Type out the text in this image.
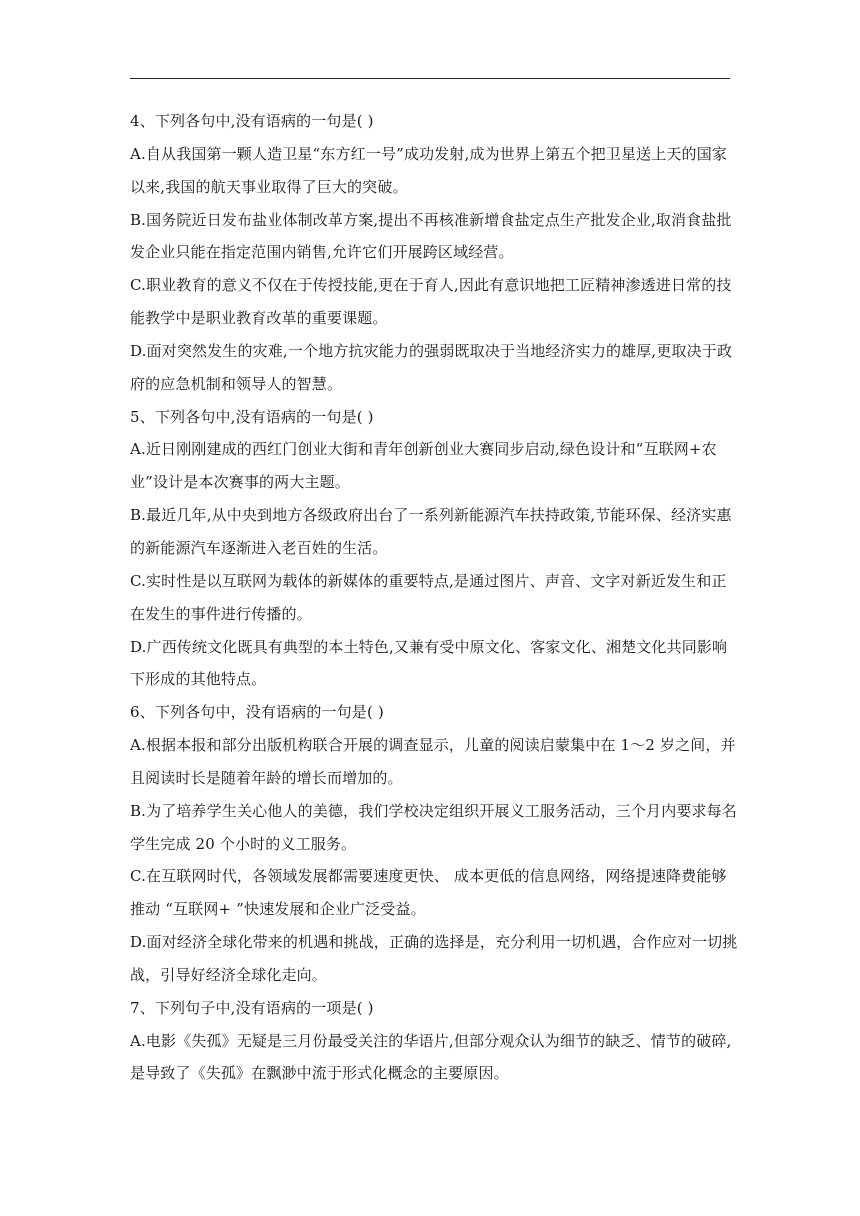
4、下列各句中,没有语病的一句是( )
A.自从我国第一颗人造卫星“东方红一号”成功发射,成为世界上第五个把卫星送上天的国家
以来,我国的航天事业取得了巨大的突破。
B.国务院近日发布盐业体制改革方案,提出不再核准新增食盐定点生产批发企业,取消食盐批
发企业只能在指定范围内销售,允许它们开展跨区域经营。
C.职业教育的意义不仅在于传授技能,更在于育人,因此有意识地把工匠精神渗透进日常的技
能教学中是职业教育改革的重要课题。
D.面对突然发生的灾难,一个地方抗灾能力的强弱既取决于当地经济实力的雄厚,更取决于政
府的应急机制和领导人的智慧。
5、下列各句中,没有语病的一句是( )
A.近日刚刚建成的西红门创业大街和青年创新创业大赛同步启动,绿色设计和“互联网+农
业”设计是本次赛事的两大主题。
B.最近几年,从中央到地方各级政府出台了一系列新能源汽车扶持政策,节能环保、经济实惠
的新能源汽车逐渐进入老百姓的生活。
C.实时性是以互联网为载体的新媒体的重要特点,是通过图片、声音、文字对新近发生和正
在发生的事件进行传播的。
D.广西传统文化既具有典型的本土特色,又兼有受中原文化、客家文化、湘楚文化共同影响
下形成的其他特点。
6、下列各句中，没有语病的一句是( )
A.根据本报和部分出版机构联合开展的调查显示，儿童的阅读启蒙集中在 1～2 岁之间，并
且阅读时长是随着年龄的增长而增加的。
B.为了培养学生关心他人的美德，我们学校决定组织开展义工服务活动，三个月内要求每名
学生完成 20 个小时的义工服务。
C.在互联网时代，各领域发展都需要速度更快、 成本更低的信息网络，网络提速降费能够
推动 “互联网+ ”快速发展和企业广泛受益。
D.面对经济全球化带来的机遇和挑战，正确的选择是，充分利用一切机遇，合作应对一切挑
战，引导好经济全球化走向。
7、下列句子中,没有语病的一项是( )
A.电影《失孤》无疑是三月份最受关注的华语片,但部分观众认为细节的缺乏、情节的破碎,
是导致了《失孤》在飘渺中流于形式化概念的主要原因。
